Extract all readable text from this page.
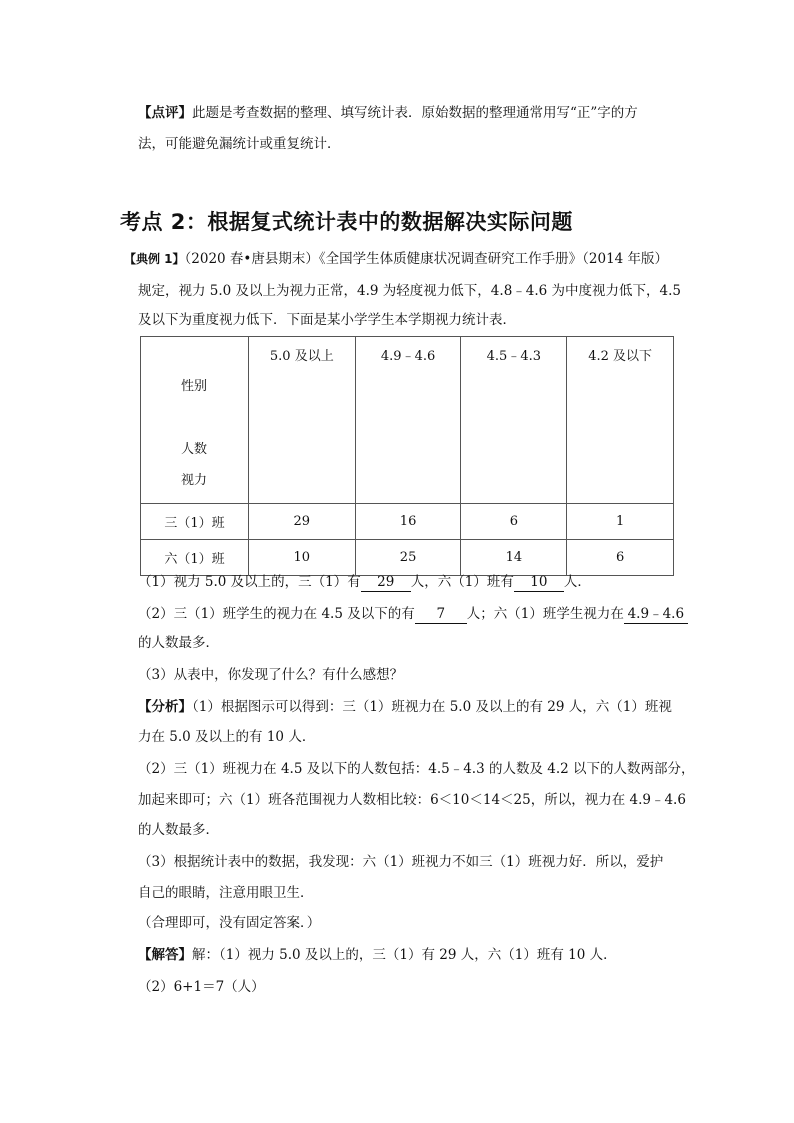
【点评】此题是考查数据的整理、填写统计表．原始数据的整理通常用写“正”字的方
法，可能避免漏统计或重复统计．
考点 2：根据复式统计表中的数据解决实际问题
【典例 1】（2020 春•唐县期末）《全国学生体质健康状况调查研究工作手册》（2014 年版）
规定，视力 5.0 及以上为视力正常，4.9 为轻度视力低下，4.8﹣4.6 为中度视力低下，4.5
及以下为重度视力低下．下面是某小学学生本学期视力统计表．
性别
人数
视力	5.0 及以上	4.9﹣4.6	4.5﹣4.3	4.2 及以下
三（1）班	29	16	6	1
六（1）班	10	25	14	6
（1）视力 5.0 及以上的，三（1）有 29 人，六（1）班有 10 人．
（2）三（1）班学生的视力在 4.5 及以下的有 7 人；六（1）班学生视力在 4.9﹣4.6
的人数最多．
（3）从表中，你发现了什么？有什么感想？
【分析】（1）根据图示可以得到：三（1）班视力在 5.0 及以上的有 29 人，六（1）班视
力在 5.0 及以上的有 10 人．
（2）三（1）班视力在 4.5 及以下的人数包括：4.5﹣4.3 的人数及 4.2 以下的人数两部分，
加起来即可；六（1）班各范围视力人数相比较：6＜10＜14＜25，所以，视力在 4.9﹣4.6
的人数最多．
（3）根据统计表中的数据，我发现：六（1）班视力不如三（1）班视力好．所以，爱护
自己的眼睛，注意用眼卫生．
（合理即可，没有固定答案．）
【解答】解：（1）视力 5.0 及以上的，三（1）有 29 人，六（1）班有 10 人．
（2）6+1＝7（人）
